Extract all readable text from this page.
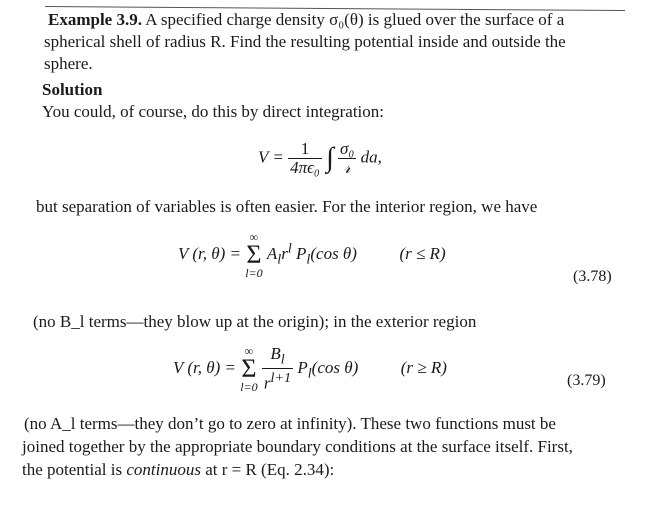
Example 3.9. A specified charge density σ₀(θ) is glued over the surface of a
spherical shell of radius R. Find the resulting potential inside and outside the
sphere.
Solution
You could, of course, do this by direct integration:
$V = \frac{1}{\text{4πϵ₀}}$ ∫ $\frac{\text{σ₀}}{\text{𝓇}}$ da,
but separation of variables is often easier. For the interior region, we have
V (r, θ) =
∞
Σ
l=0
$A_lr^l$ $P_l(\cos$ θ)	(r ≤ R)
(3.78)
(no B_l terms—they blow up at the origin); in the exterior region
V (r, θ) =
∞
Σ
l=0
$\frac{B_l}{r^{l+1}} P_l(\cos$ θ)	(r ≥ R)
(3.79)
(no A_l terms—they don’t go to zero at infinity). These two functions must be
joined together by the appropriate boundary conditions at the surface itself. First,
the potential is continuous at r = R (Eq. 2.34):
